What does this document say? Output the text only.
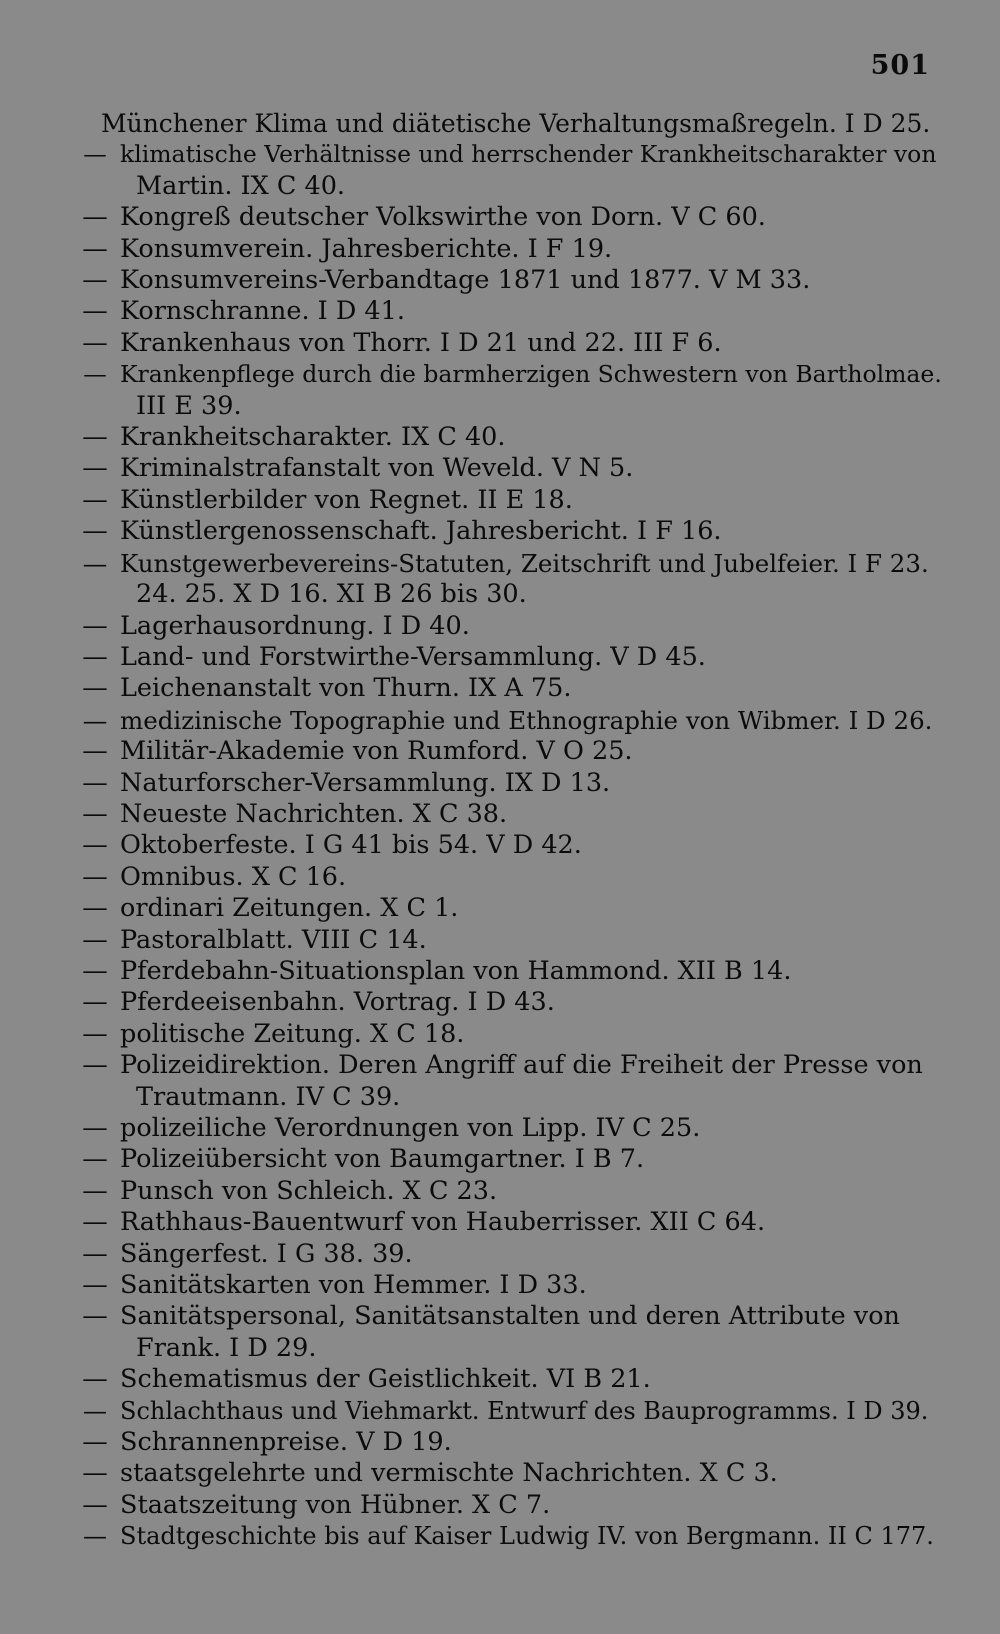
501

Münchener Klima und diätetische Verhaltungsmaßregeln. I D 25.

— klimatische Verhältnisse und herrschender Krankheitscharakter von

Martin. IX C 40.

— Kongreß deutscher Volkswirthe von Dorn. V C 60.

— Konsumverein. Jahresberichte. I F 19.

— Konsumvereins-Verbandtage 1871 und 1877. V M 33.

— Kornschranne. I D 41.

— Krankenhaus von Thorr. I D 21 und 22. III F 6.

— Krankenpflege durch die barmherzigen Schwestern von Bartholmae.

III E 39.

— Krankheitscharakter. IX C 40.

— Kriminalstrafanstalt von Weveld. V N 5.

— Künstlerbilder von Regnet. II E 18.

— Künstlergenossenschaft. Jahresbericht. I F 16.

— Kunstgewerbevereins-Statuten, Zeitschrift und Jubelfeier. I F 23.

24. 25. X D 16. XI B 26 bis 30.

— Lagerhausordnung. I D 40.

— Land- und Forstwirthe-Versammlung. V D 45.

— Leichenanstalt von Thurn. IX A 75.

— medizinische Topographie und Ethnographie von Wibmer. I D 26.

— Militär-Akademie von Rumford. V O 25.

— Naturforscher-Versammlung. IX D 13.

— Neueste Nachrichten. X C 38.

— Oktoberfeste. I G 41 bis 54. V D 42.

— Omnibus. X C 16.

— ordinari Zeitungen. X C 1.

— Pastoralblatt. VIII C 14.

— Pferdebahn-Situationsplan von Hammond. XII B 14.

— Pferdeeisenbahn. Vortrag. I D 43.

— politische Zeitung. X C 18.

— Polizeidirektion. Deren Angriff auf die Freiheit der Presse von

Trautmann. IV C 39.

— polizeiliche Verordnungen von Lipp. IV C 25.

— Polizeiübersicht von Baumgartner. I B 7.

— Punsch von Schleich. X C 23.

— Rathhaus-Bauentwurf von Hauberrisser. XII C 64.

— Sängerfest. I G 38. 39.

— Sanitätskarten von Hemmer. I D 33.

— Sanitätspersonal, Sanitätsanstalten und deren Attribute von

Frank. I D 29.

— Schematismus der Geistlichkeit. VI B 21.

— Schlachthaus und Viehmarkt. Entwurf des Bauprogramms. I D 39.

— Schrannenpreise. V D 19.

— staatsgelehrte und vermischte Nachrichten. X C 3.

— Staatszeitung von Hübner. X C 7.

— Stadtgeschichte bis auf Kaiser Ludwig IV. von Bergmann. II C 177.
